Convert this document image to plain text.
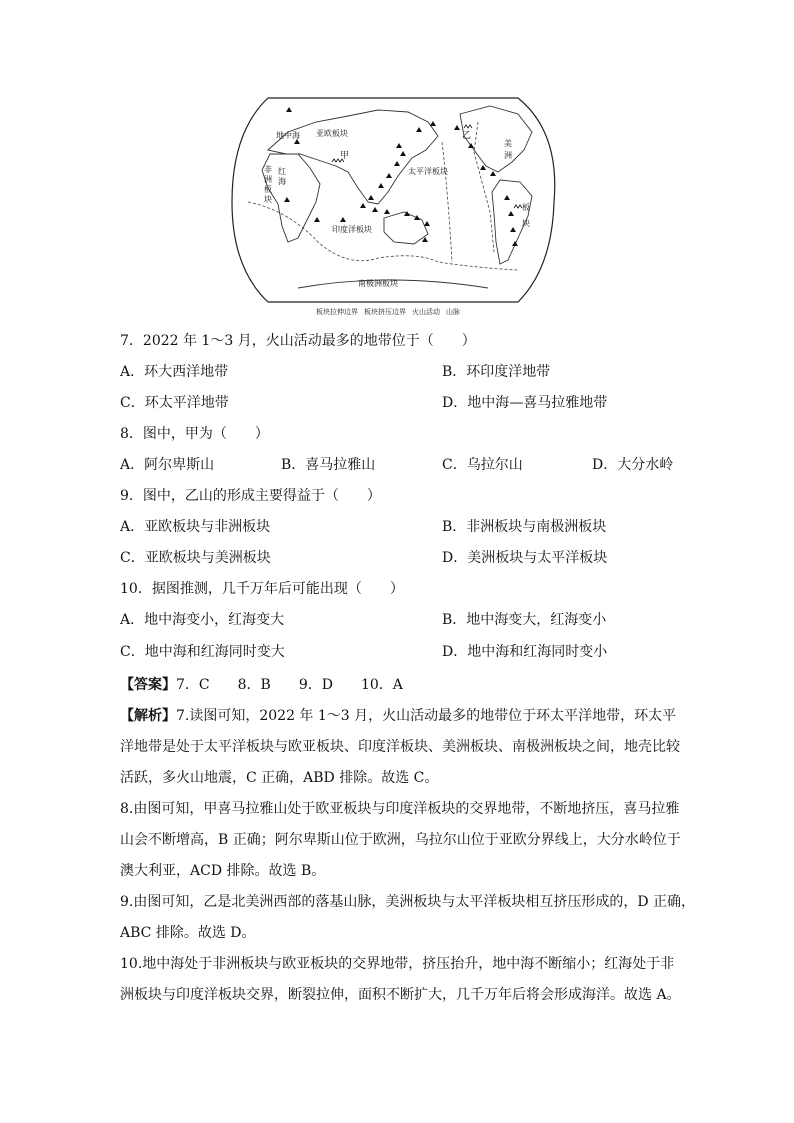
地中海 亚欧板块
非
洲
板
块
红
海
甲
太平洋板块
乙
美
洲
板
块
印度洋板块
南极洲板块
板块拉伸边界 板块挤压边界 火山活动 山脉
7．2022 年 1～3 月，火山活动最多的地带位于（　　）
A．环大西洋地带	B．环印度洋地带
C．环太平洋地带	D．地中海—喜马拉雅地带
8．图中，甲为（　　）
A．阿尔卑斯山	B．喜马拉雅山	C．乌拉尔山	D．大分水岭
9．图中，乙山的形成主要得益于（　　）
A．亚欧板块与非洲板块	B．非洲板块与南极洲板块
C．亚欧板块与美洲板块	D．美洲板块与太平洋板块
10．据图推测，几千万年后可能出现（　　）
A．地中海变小，红海变大	B．地中海变大，红海变小
C．地中海和红海同时变大	D．地中海和红海同时变小
【答案】7．C　　8．B　　9．D　　10．A
【解析】7.读图可知，2022 年 1～3 月，火山活动最多的地带位于环太平洋地带，环太平
洋地带是处于太平洋板块与欧亚板块、印度洋板块、美洲板块、南极洲板块之间，地壳比较
活跃，多火山地震，C 正确，ABD 排除。故选 C。
8.由图可知，甲喜马拉雅山处于欧亚板块与印度洋板块的交界地带，不断地挤压，喜马拉雅
山会不断增高，B 正确；阿尔卑斯山位于欧洲，乌拉尔山位于亚欧分界线上，大分水岭位于
澳大利亚，ACD 排除。故选 B。
9.由图可知，乙是北美洲西部的落基山脉，美洲板块与太平洋板块相互挤压形成的，D 正确，
ABC 排除。故选 D。
10.地中海处于非洲板块与欧亚板块的交界地带，挤压抬升，地中海不断缩小；红海处于非
洲板块与印度洋板块交界，断裂拉伸，面积不断扩大，几千万年后将会形成海洋。故选 A。
